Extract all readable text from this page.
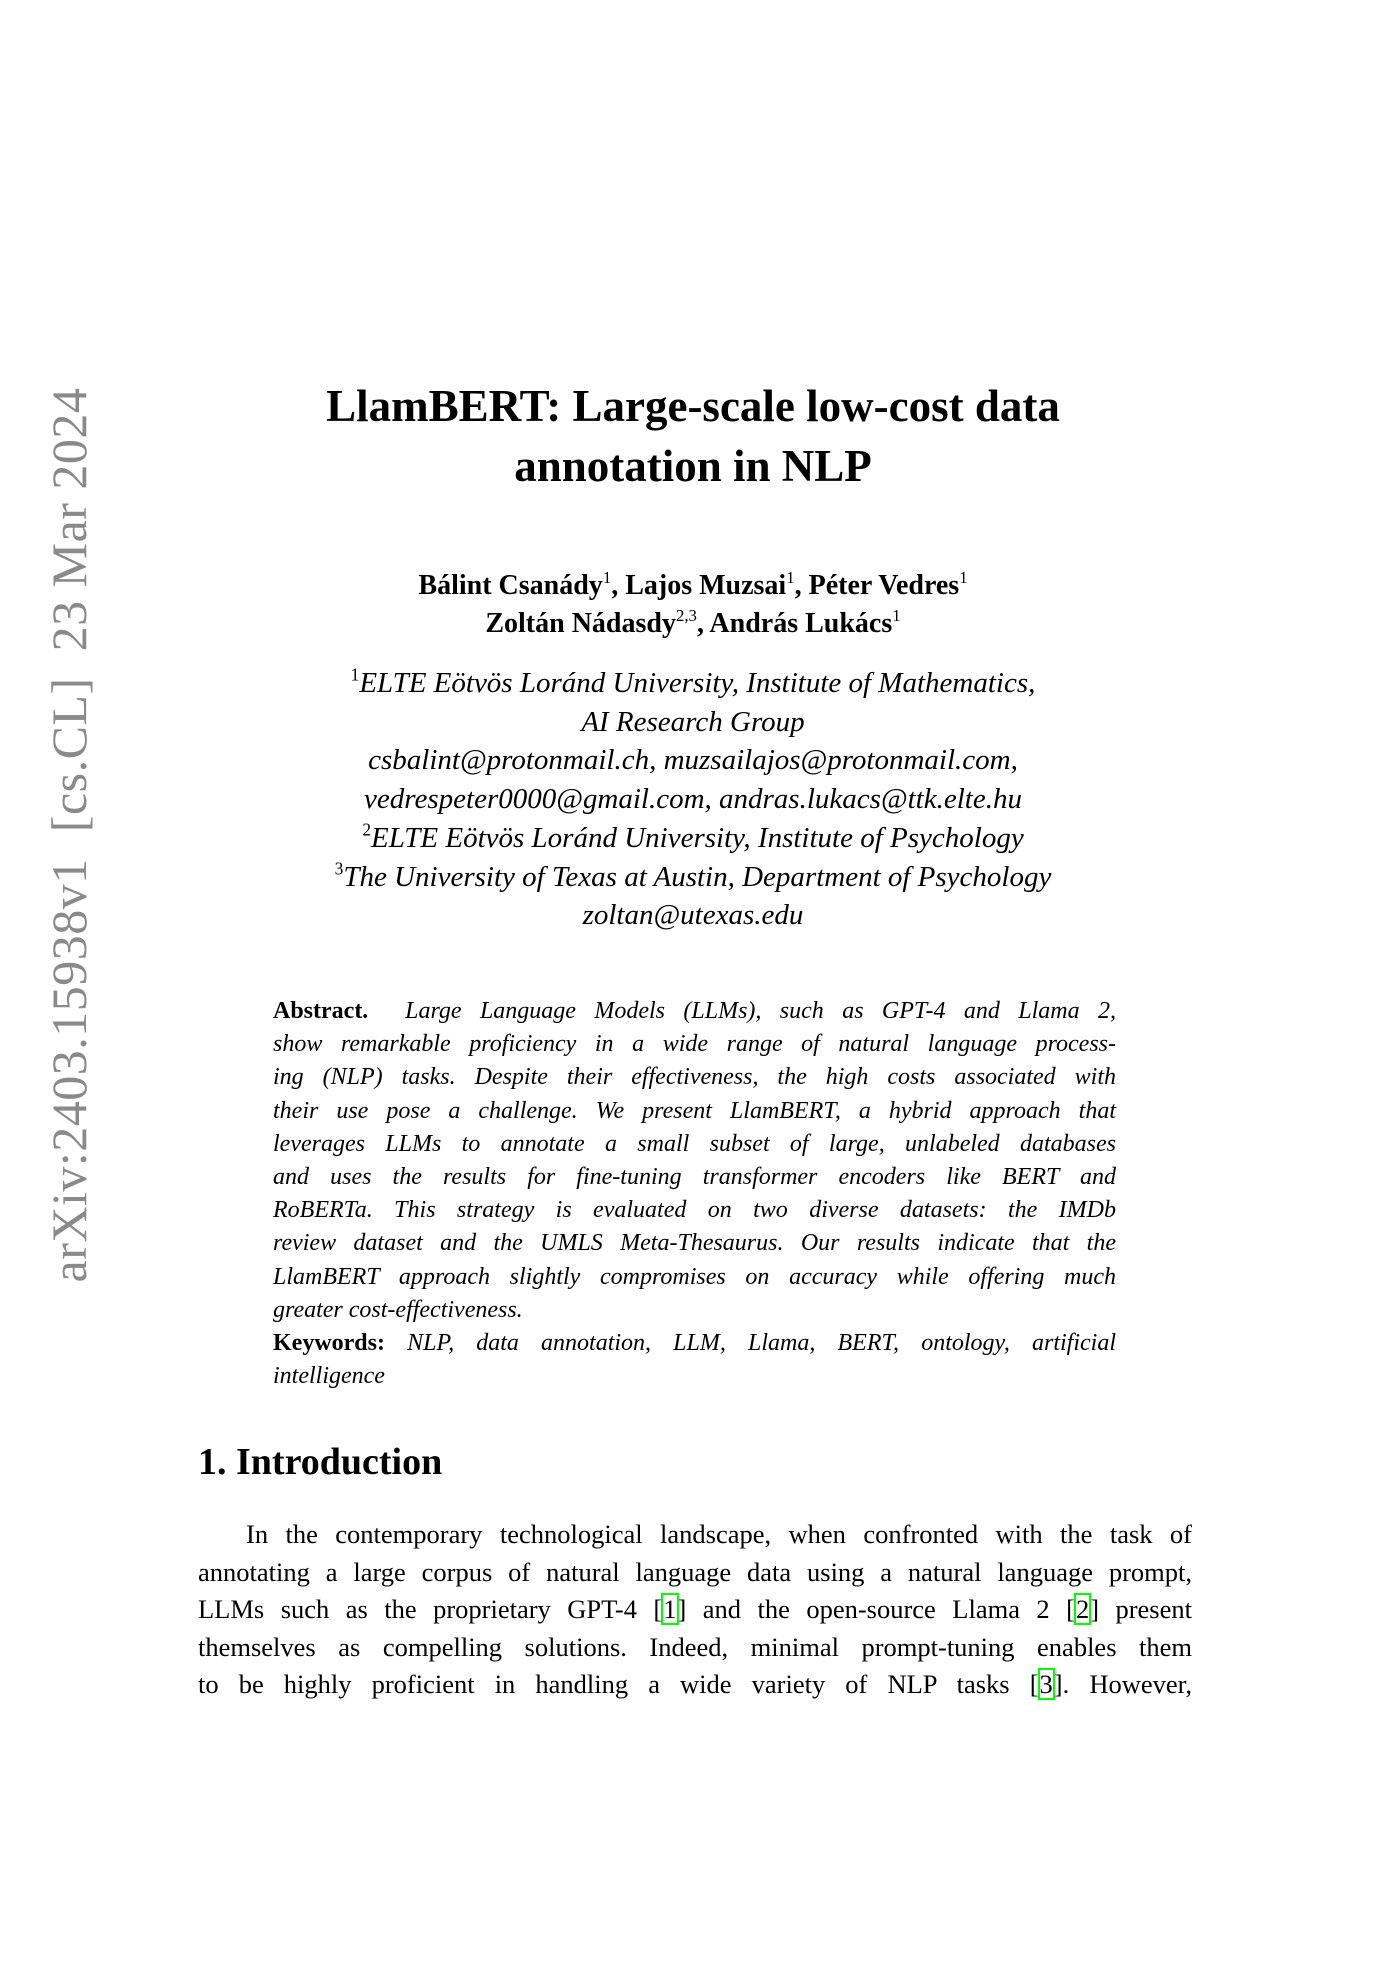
arXiv:2403.15938v1  [cs.CL]  23 Mar 2024	LlamBERT: Large-scale low-cost data
annotation in NLP
Bálint Csanády$^1$, Lajos Muzsai$^1$, Péter Vedres$^1$
Zoltán Nádasdy$^{2,3}$, András Lukács$^1$
$^1$ELTE Eötvös Loránd University, Institute of Mathematics,
AI Research Group
csbalint@protonmail.ch, muzsailajos@protonmail.com,
vedrespeter0000@gmail.com, andras.lukacs@ttk.elte.hu
$^2$ELTE Eötvös Loránd University, Institute of Psychology
$^3$The University of Texas at Austin, Department of Psychology
zoltan@utexas.edu
Abstract. Large Language Models (LLMs), such as GPT-4 and Llama 2,
show remarkable proficiency in a wide range of natural language process-
ing (NLP) tasks. Despite their effectiveness, the high costs associated with
their use pose a challenge. We present LlamBERT, a hybrid approach that
leverages LLMs to annotate a small subset of large, unlabeled databases
and uses the results for fine-tuning transformer encoders like BERT and
RoBERTa. This strategy is evaluated on two diverse datasets: the IMDb
review dataset and the UMLS Meta-Thesaurus. Our results indicate that the
LlamBERT approach slightly compromises on accuracy while offering much
greater cost-effectiveness.
Keywords: NLP, data annotation, LLM, Llama, BERT, ontology, artificial
intelligence
1. Introduction
In the contemporary technological landscape, when confronted with the task of
annotating a large corpus of natural language data using a natural language prompt,
LLMs such as the proprietary GPT-4 [1] and the open-source Llama 2 [2] present
themselves as compelling solutions. Indeed, minimal prompt-tuning enables them
to be highly proficient in handling a wide variety of NLP tasks [3]. However,
